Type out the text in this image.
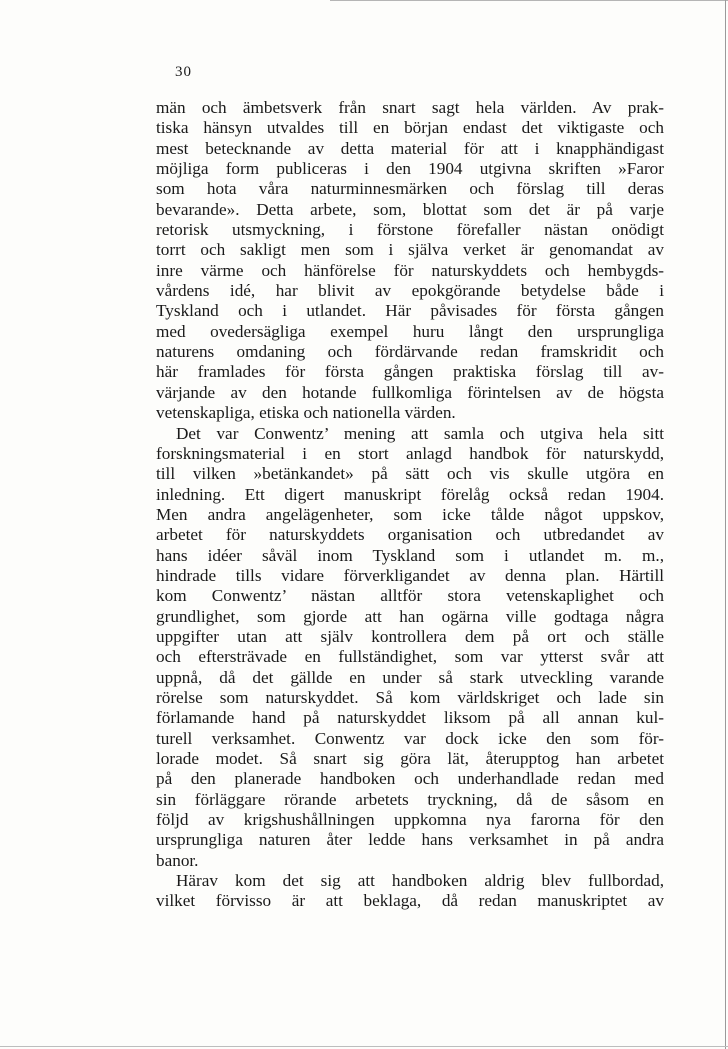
30
män och ämbetsverk från snart sagt hela världen. Av prak-
tiska hänsyn utvaldes till en början endast det viktigaste och
mest betecknande av detta material för att i knapphändigast
möjliga form publiceras i den 1904 utgivna skriften »Faror
som hota våra naturminnesmärken och förslag till deras
bevarande». Detta arbete, som, blottat som det är på varje
retorisk utsmyckning, i förstone förefaller nästan onödigt
torrt och sakligt men som i själva verket är genomandat av
inre värme och hänförelse för naturskyddets och hembygds-
vårdens idé, har blivit av epokgörande betydelse både i
Tyskland och i utlandet. Här påvisades för första gången
med ovedersägliga exempel huru långt den ursprungliga
naturens omdaning och fördärvande redan framskridit och
här framlades för första gången praktiska förslag till av-
värjande av den hotande fullkomliga förintelsen av de högsta
vetenskapliga, etiska och nationella värden.
Det var Conwentz’ mening att samla och utgiva hela sitt
forskningsmaterial i en stort anlagd handbok för naturskydd,
till vilken »betänkandet» på sätt och vis skulle utgöra en
inledning. Ett digert manuskript förelåg också redan 1904.
Men andra angelägenheter, som icke tålde något uppskov,
arbetet för naturskyddets organisation och utbredandet av
hans idéer såväl inom Tyskland som i utlandet m. m.,
hindrade tills vidare förverkligandet av denna plan. Härtill
kom Conwentz’ nästan alltför stora vetenskaplighet och
grundlighet, som gjorde att han ogärna ville godtaga några
uppgifter utan att själv kontrollera dem på ort och ställe
och eftersträvade en fullständighet, som var ytterst svår att
uppnå, då det gällde en under så stark utveckling varande
rörelse som naturskyddet. Så kom världskriget och lade sin
förlamande hand på naturskyddet liksom på all annan kul-
turell verksamhet. Conwentz var dock icke den som för-
lorade modet. Så snart sig göra lät, återupptog han arbetet
på den planerade handboken och underhandlade redan med
sin förläggare rörande arbetets tryckning, då de såsom en
följd av krigshushållningen uppkomna nya farorna för den
ursprungliga naturen åter ledde hans verksamhet in på andra
banor.
Härav kom det sig att handboken aldrig blev fullbordad,
vilket förvisso är att beklaga, då redan manuskriptet av
